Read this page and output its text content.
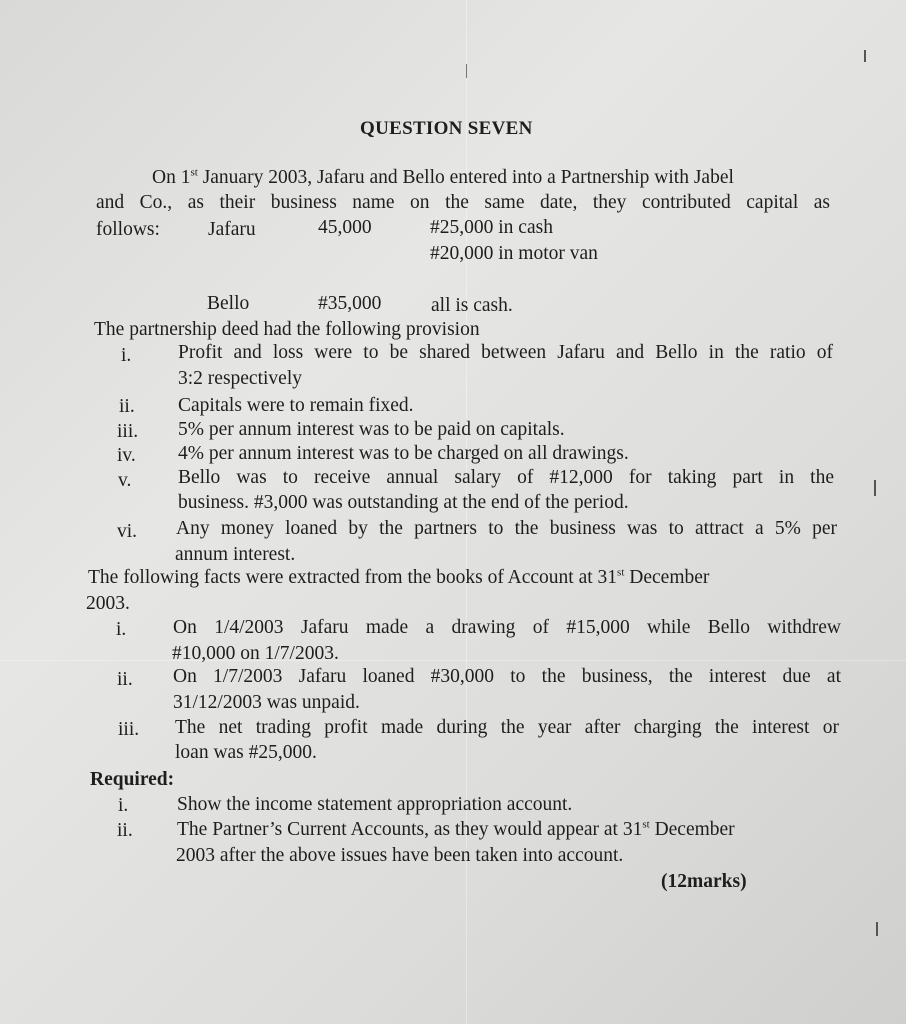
QUESTION SEVEN
On 1st January 2003, Jafaru and Bello entered into a Partnership with Jabel
and Co., as their business name on the same date, they contributed capital as
follows: Jafaru	45,000	#25,000 in cash
#20,000 in motor van
Bello	#35,000	all is cash.
The partnership deed had the following provision
i. Profit and loss were to be shared between Jafaru and Bello in the ratio of
3:2 respectively
ii. Capitals were to remain fixed.
iii. 5% per annum interest was to be paid on capitals.
iv. 4% per annum interest was to be charged on all drawings.
v. Bello was to receive annual salary of #12,000 for taking part in the
business. #3,000 was outstanding at the end of the period.
vi. Any money loaned by the partners to the business was to attract a 5% per
annum interest.
The following facts were extracted from the books of Account at 31st December
2003.
i. On 1/4/2003 Jafaru made a drawing of #15,000 while Bello withdrew
#10,000 on 1/7/2003.
ii. On 1/7/2003 Jafaru loaned #30,000 to the business, the interest due at
31/12/2003 was unpaid.
iii. The net trading profit made during the year after charging the interest or
loan was #25,000.
Required:
i. Show the income statement appropriation account.
ii. The Partner’s Current Accounts, as they would appear at 31st December
2003 after the above issues have been taken into account.
(12marks)
